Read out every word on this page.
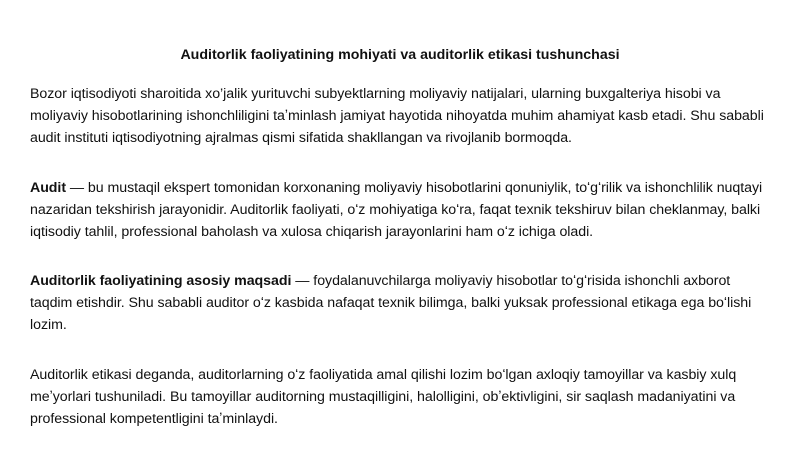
Auditorlik faoliyatining mohiyati va auditorlik etikasi tushunchasi

Bozor iqtisodiyoti sharoitida xo’jalik yurituvchi subyektlarning moliyaviy natijalari, ularning buxgalteriya hisobi va moliyaviy hisobotlarining ishonchliligini taʼminlash jamiyat hayotida nihoyatda muhim ahamiyat kasb etadi. Shu sababli audit instituti iqtisodiyotning ajralmas qismi sifatida shakllangan va rivojlanib bormoqda.

Audit — bu mustaqil ekspert tomonidan korxonaning moliyaviy hisobotlarini qonuniylik, toʻgʻrilik va ishonchlilik nuqtayi nazaridan tekshirish jarayonidir. Auditorlik faoliyati, oʻz mohiyatiga koʻra, faqat texnik tekshiruv bilan cheklanmay, balki iqtisodiy tahlil, professional baholash va xulosa chiqarish jarayonlarini ham oʻz ichiga oladi.

Auditorlik faoliyatining asosiy maqsadi — foydalanuvchilarga moliyaviy hisobotlar toʻgʻrisida ishonchli axborot taqdim etishdir. Shu sababli auditor oʻz kasbida nafaqat texnik bilimga, balki yuksak professional etikaga ega boʻlishi lozim.

Auditorlik etikasi deganda, auditorlarning oʻz faoliyatida amal qilishi lozim boʻlgan axloqiy tamoyillar va kasbiy xulq meʼyorlari tushuniladi. Bu tamoyillar auditorning mustaqilligini, halolligini, obʼektivligini, sir saqlash madaniyatini va professional kompetentligini taʼminlaydi.
